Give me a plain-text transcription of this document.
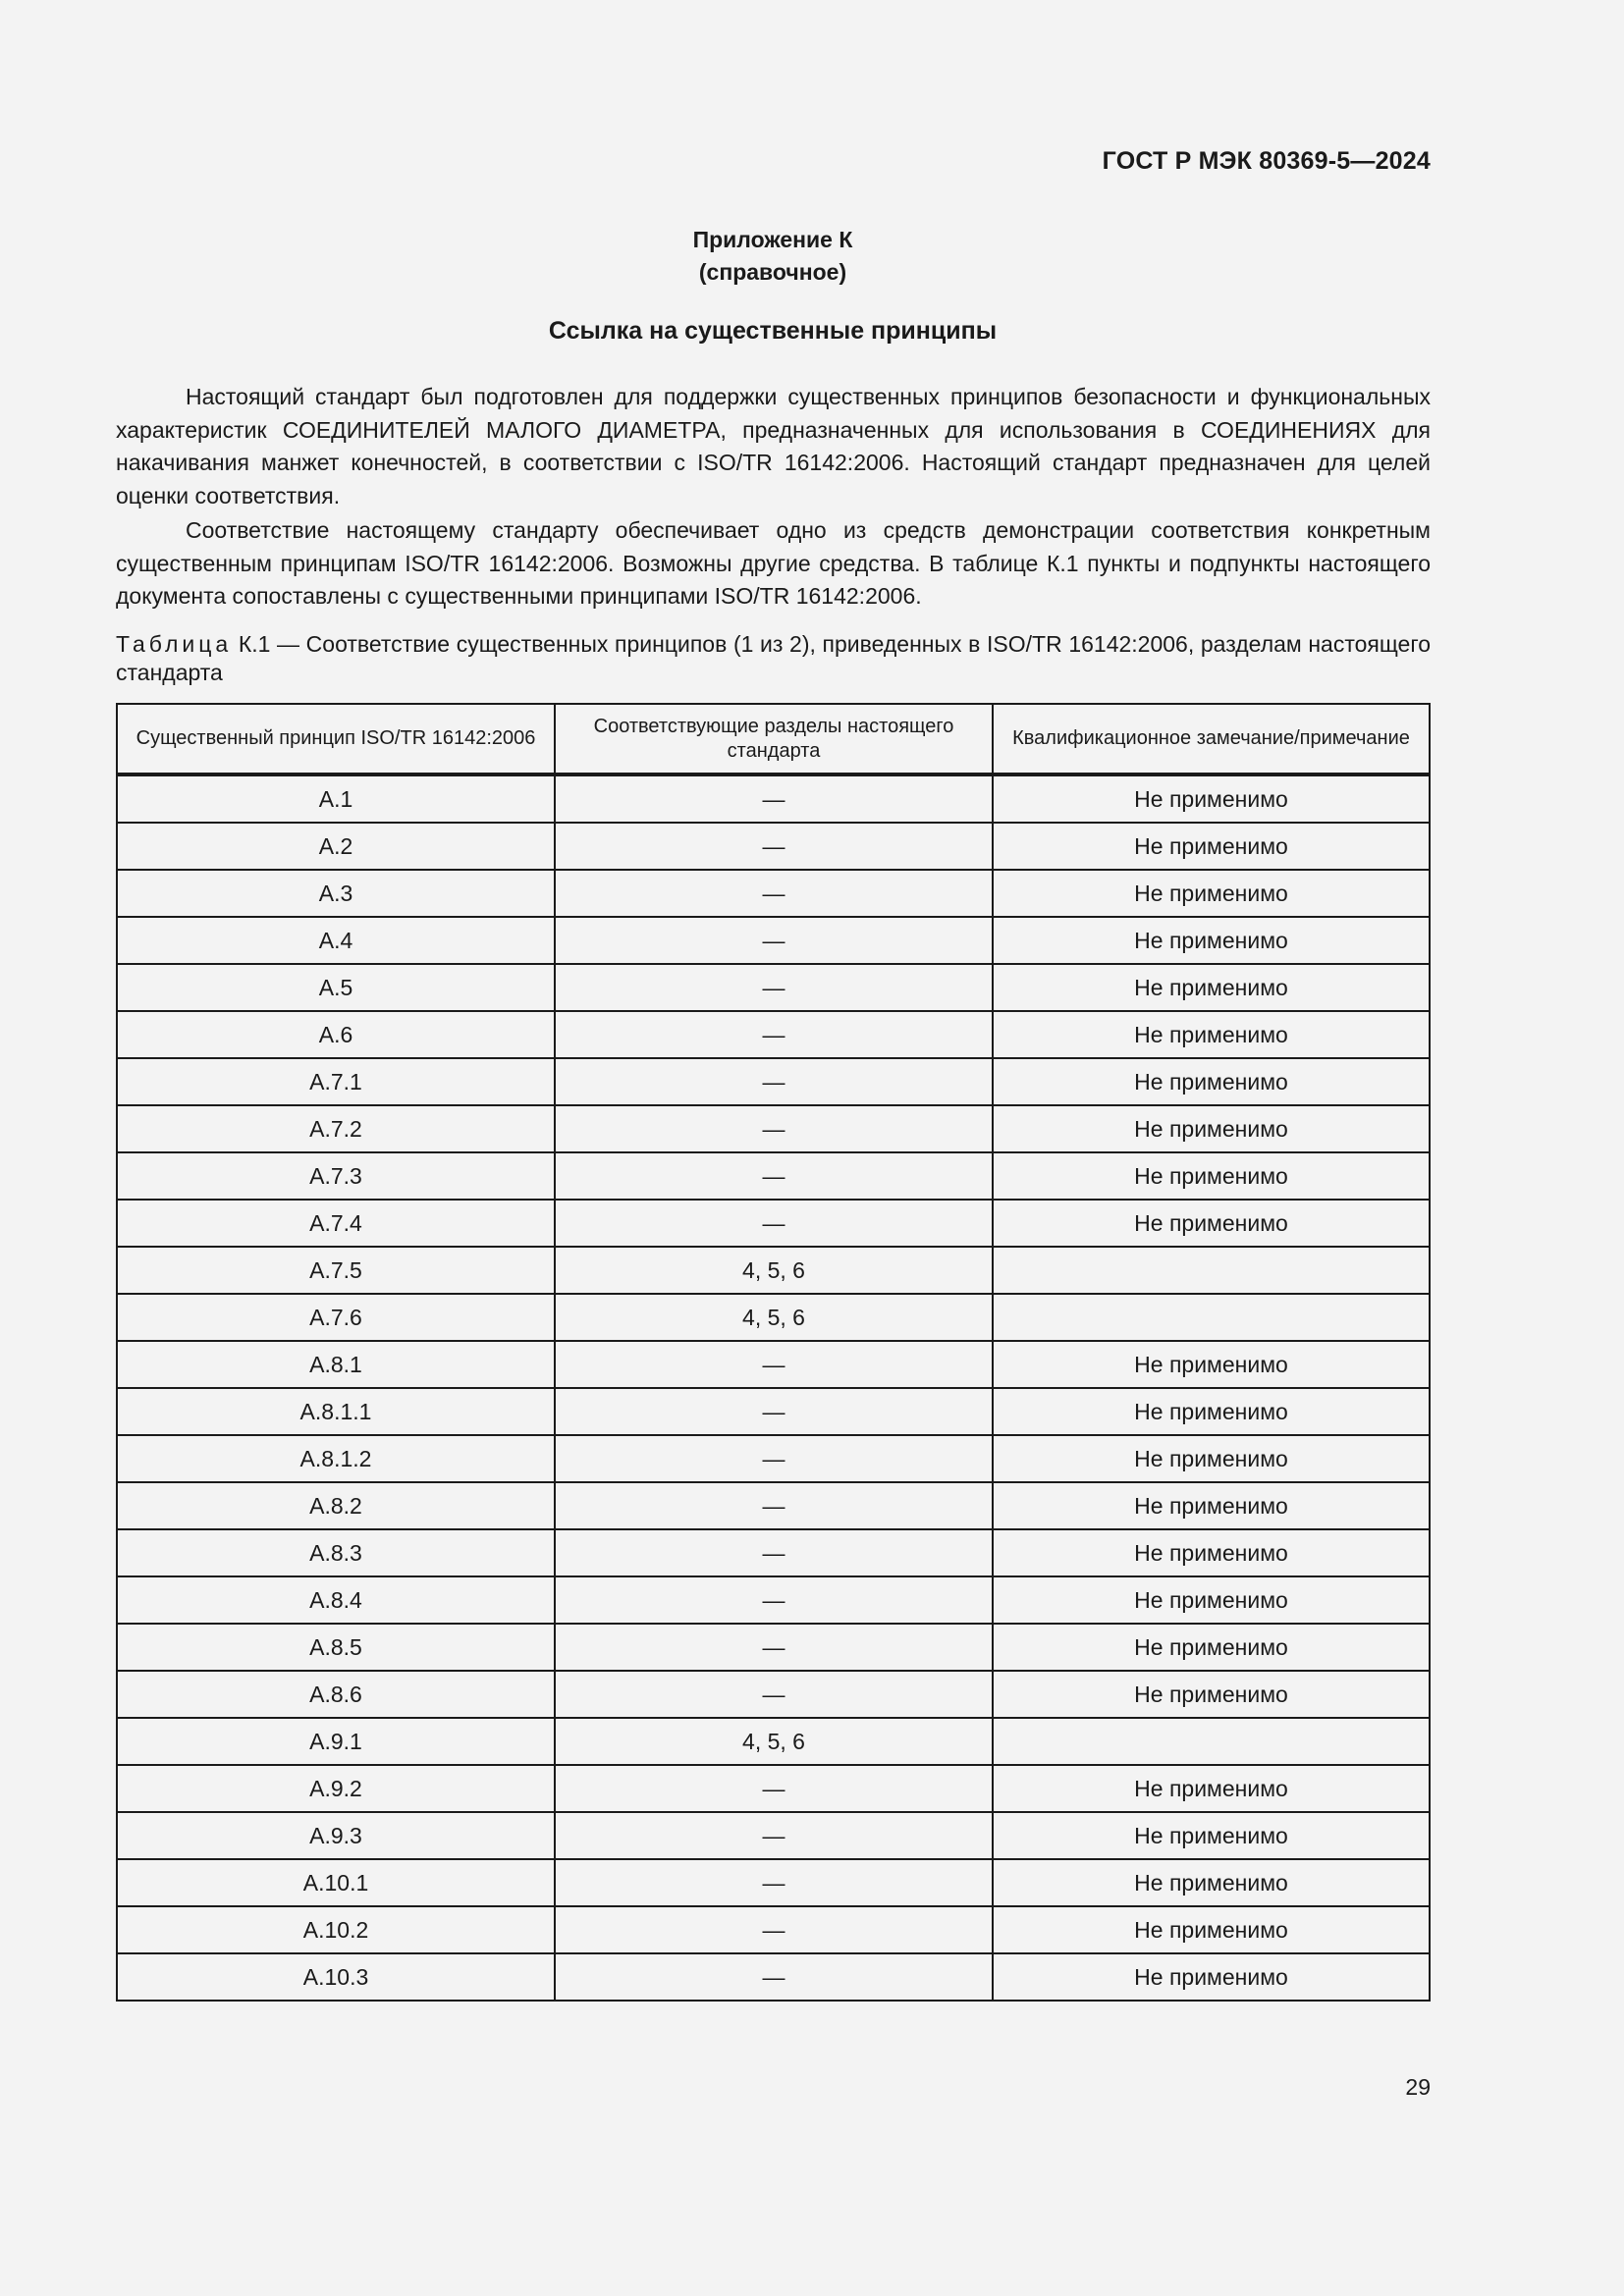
ГОСТ Р МЭК 80369-5—2024
Приложение К
(справочное)
Ссылка на существенные принципы

Настоящий стандарт был подготовлен для поддержки существенных принципов безопасности и функциональных характеристик СОЕДИНИТЕЛЕЙ МАЛОГО ДИАМЕТРА, предназначенных для использования в СОЕДИНЕНИЯХ для накачивания манжет конечностей, в соответствии с ISO/TR 16142:2006. Настоящий стандарт предназначен для целей оценки соответствия.

Соответствие настоящему стандарту обеспечивает одно из средств демонстрации соответствия конкретным существенным принципам ISO/TR 16142:2006. Возможны другие средства. В таблице К.1 пункты и подпункты настоящего документа сопоставлены с существенными принципами ISO/TR 16142:2006.

Таблица К.1 — Соответствие существенных принципов (1 из 2), приведенных в ISO/TR 16142:2006, разделам настоящего стандарта
Существенный принцип ISO/TR 16142:2006	Соответствующие разделы настоящего стандарта	Квалификационное замечание/примечание
А.1	—	Не применимо
А.2	—	Не применимо
А.3	—	Не применимо
А.4	—	Не применимо
А.5	—	Не применимо
А.6	—	Не применимо
А.7.1	—	Не применимо
А.7.2	—	Не применимо
А.7.3	—	Не применимо
А.7.4	—	Не применимо
А.7.5	4, 5, 6	
А.7.6	4, 5, 6	
А.8.1	—	Не применимо
А.8.1.1	—	Не применимо
А.8.1.2	—	Не применимо
А.8.2	—	Не применимо
А.8.3	—	Не применимо
А.8.4	—	Не применимо
А.8.5	—	Не применимо
А.8.6	—	Не применимо
А.9.1	4, 5, 6	
А.9.2	—	Не применимо
А.9.3	—	Не применимо
А.10.1	—	Не применимо
А.10.2	—	Не применимо
А.10.3	—	Не применимо
29
